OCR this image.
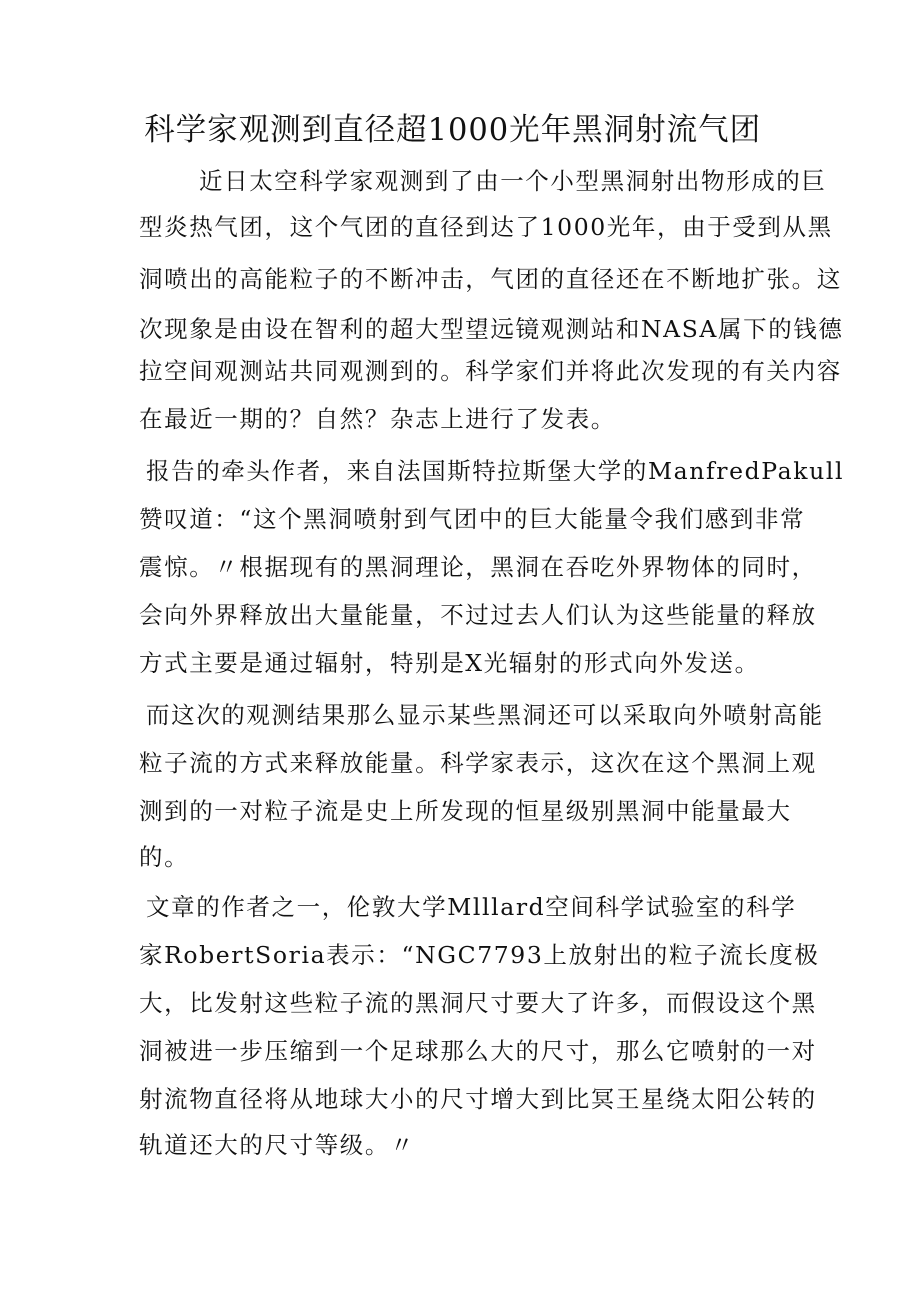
科学家观测到直径超1000光年黑洞射流气团
近日太空科学家观测到了由一个小型黑洞射出物形成的巨
型炎热气团，这个气团的直径到达了1000光年，由于受到从黑
洞喷出的高能粒子的不断冲击，气团的直径还在不断地扩张。这
次现象是由设在智利的超大型望远镜观测站和NASA属下的钱德
拉空间观测站共同观测到的。科学家们并将此次发现的有关内容
在最近一期的？自然？杂志上进行了发表。
报告的牵头作者，来自法国斯特拉斯堡大学的ManfredPakull
赞叹道：“这个黑洞喷射到气团中的巨大能量令我们感到非常
震惊。〃根据现有的黑洞理论，黑洞在吞吃外界物体的同时，
会向外界释放出大量能量，不过过去人们认为这些能量的释放
方式主要是通过辐射，特别是X光辐射的形式向外发送。
而这次的观测结果那么显示某些黑洞还可以采取向外喷射高能
粒子流的方式来释放能量。科学家表示，这次在这个黑洞上观
测到的一对粒子流是史上所发现的恒星级别黑洞中能量最大
的。
文章的作者之一，伦敦大学Mlllard空间科学试验室的科学
家RobertSoria表示：“NGC7793上放射出的粒子流长度极
大，比发射这些粒子流的黑洞尺寸要大了许多，而假设这个黑
洞被进一步压缩到一个足球那么大的尺寸，那么它喷射的一对
射流物直径将从地球大小的尺寸增大到比冥王星绕太阳公转的
轨道还大的尺寸等级。〃
